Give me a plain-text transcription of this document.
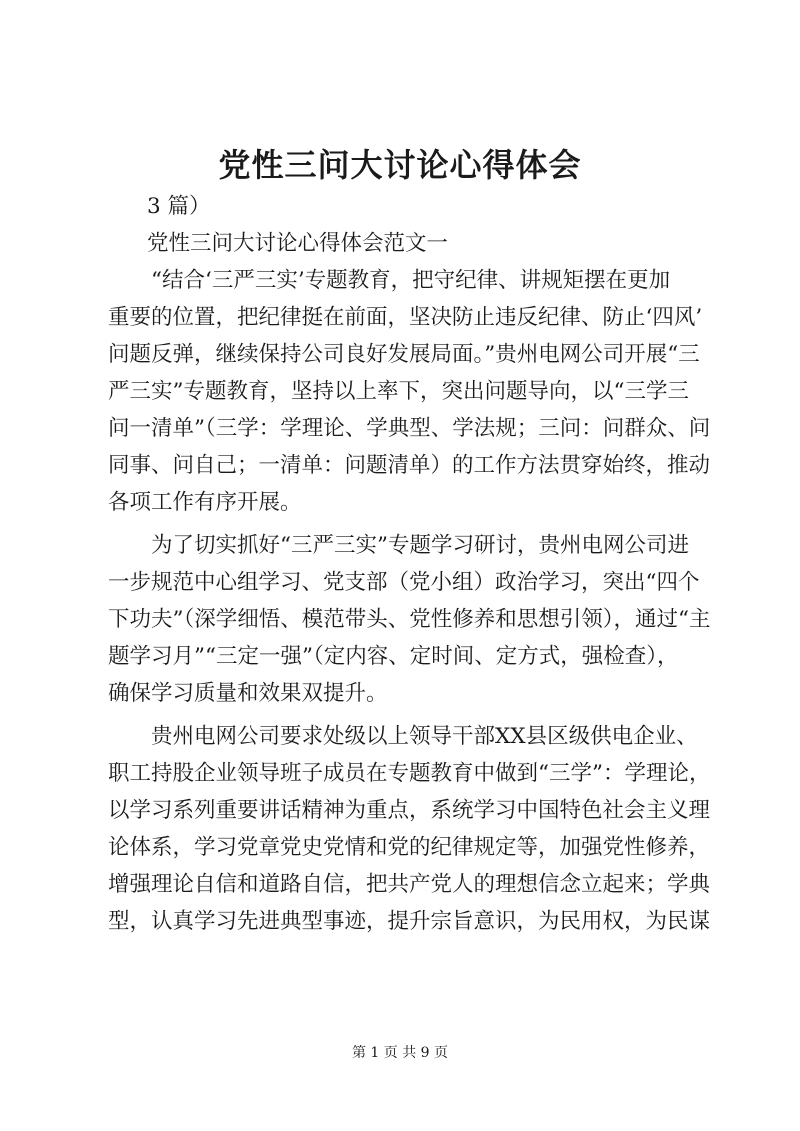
党性三问大讨论心得体会
3 篇）
党性三问大讨论心得体会范文一
“结合‘三严三实’专题教育，把守纪律、讲规矩摆在更加
重要的位置，把纪律挺在前面，坚决防止违反纪律、防止‘四风’
问题反弹，继续保持公司良好发展局面。”贵州电网公司开展“三
严三实”专题教育，坚持以上率下，突出问题导向，以“三学三
问一清单”（三学：学理论、学典型、学法规；三问：问群众、问
同事、问自己；一清单：问题清单）的工作方法贯穿始终，推动
各项工作有序开展。
为了切实抓好“三严三实”专题学习研讨，贵州电网公司进
一步规范中心组学习、党支部（党小组）政治学习，突出“四个
下功夫”（深学细悟、模范带头、党性修养和思想引领），通过“主
题学习月”“三定一强”（定内容、定时间、定方式，强检查），
确保学习质量和效果双提升。
贵州电网公司要求处级以上领导干部XX县区级供电企业、
职工持股企业领导班子成员在专题教育中做到“三学”：学理论，
以学习系列重要讲话精神为重点，系统学习中国特色社会主义理
论体系，学习党章党史党情和党的纪律规定等，加强党性修养，
增强理论自信和道路自信，把共产党人的理想信念立起来；学典
型，认真学习先进典型事迹，提升宗旨意识，为民用权，为民谋
第 1 页 共 9 页
